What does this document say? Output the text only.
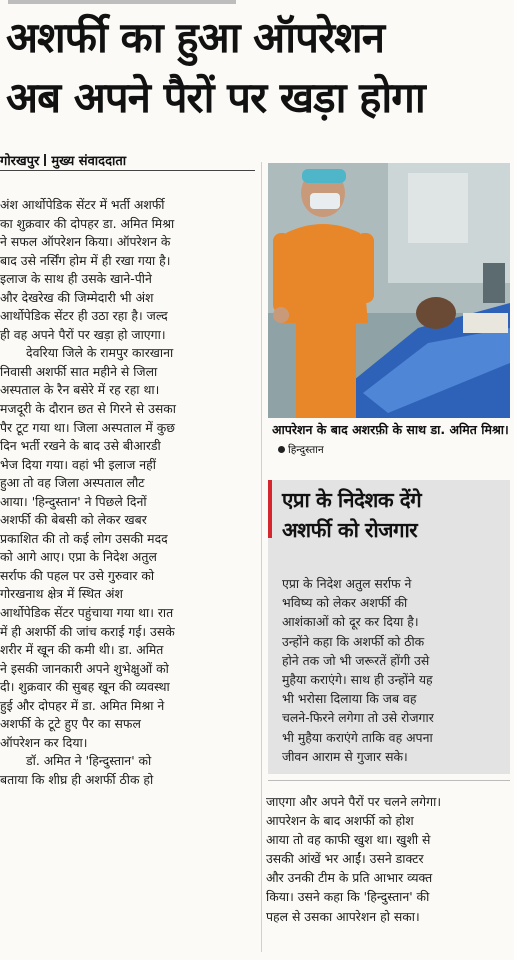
अशर्फी का हुआ ऑपरेशन
अब अपने पैरों पर खड़ा होगा
गोरखपुर मुख्य संवाददाता
अंश आर्थोपेडिक सेंटर में भर्ती अशर्फी
का शुक्रवार की दोपहर डा. अमित मिश्रा
ने सफल ऑपरेशन किया। ऑपरेशन के
बाद उसे नर्सिंग होम में ही रखा गया है।
इलाज के साथ ही उसके खाने-पीने
और देखरेख की जिम्मेदारी भी अंश
आर्थोपेडिक सेंटर ही उठा रहा है। जल्द
ही वह अपने पैरों पर खड़ा हो जाएगा।
देवरिया जिले के रामपुर कारखाना
निवासी अशर्फी सात महीने से जिला
अस्पताल के रैन बसेरे में रह रहा था।
मजदूरी के दौरान छत से गिरने से उसका
पैर टूट गया था। जिला अस्पताल में कुछ
दिन भर्ती रखने के बाद उसे बीआरडी
भेज दिया गया। वहां भी इलाज नहीं
हुआ तो वह जिला अस्पताल लौट
आया। 'हिन्दुस्तान' ने पिछले दिनों
अशर्फी की बेबसी को लेकर खबर
प्रकाशित की तो कई लोग उसकी मदद
को आगे आए। एप्रा के निदेश अतुल
सर्राफ की पहल पर उसे गुरुवार को
गोरखनाथ क्षेत्र में स्थित अंश
आर्थोपेडिक सेंटर पहुंचाया गया था। रात
में ही अशर्फी की जांच कराई गई। उसके
शरीर में खून की कमी थी। डा. अमित
ने इसकी जानकारी अपने शुभेक्षुओं को
दी। शुक्रवार की सुबह खून की व्यवस्था
हुई और दोपहर में डा. अमित मिश्रा ने
अशर्फी के टूटे हुए पैर का सफल
ऑपरेशन कर दिया।
डॉ. अमित ने 'हिन्दुस्तान' को
बताया कि शीघ्र ही अशर्फी ठीक हो
आपरेशन के बाद अशरफ़ी के साथ डा. अमित मिश्रा। हिन्दुस्तान
एप्रा के निदेशक देंगे
अशर्फी को रोजगार
एप्रा के निदेश अतुल सर्राफ ने
भविष्य को लेकर अशर्फी की
आशंकाओं को दूर कर दिया है।
उन्होंने कहा कि अशर्फी को ठीक
होने तक जो भी जरूरतें होंगी उसे
मुहैया कराएंगे। साथ ही उन्होंने यह
भी भरोसा दिलाया कि जब वह
चलने-फिरने लगेगा तो उसे रोजगार
भी मुहैया कराएंगे ताकि वह अपना
जीवन आराम से गुजार सके।
जाएगा और अपने पैरों पर चलने लगेगा।
आपरेशन के बाद अशर्फी को होश
आया तो वह काफी खुश था। खुशी से
उसकी आंखें भर आईं। उसने डाक्टर
और उनकी टीम के प्रति आभार व्यक्त
किया। उसने कहा कि 'हिन्दुस्तान' की
पहल से उसका आपरेशन हो सका।
